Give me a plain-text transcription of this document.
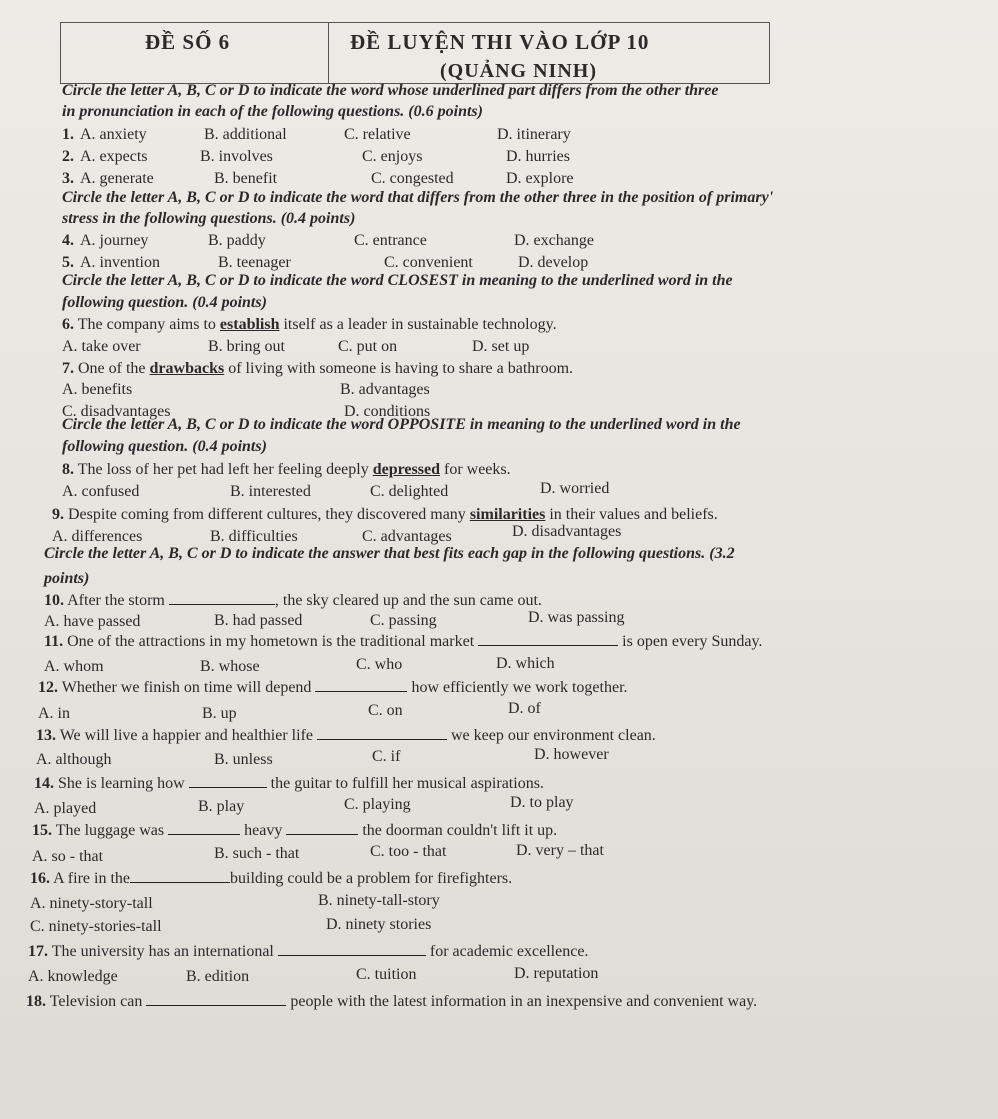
ĐỀ SỐ 6	ĐỀ LUYỆN THI VÀO LỚP 10
(QUẢNG NINH)
Circle the letter A, B, C or D to indicate the word whose underlined part differs from the other three
in pronunciation in each of the following questions. (0.6 points)
1. A. anxiety	B. additional	C. relative	D. itinerary
2. A. expects	B. involves	C. enjoys	D. hurries
3. A. generate	B. benefit	C. congested	D. explore
Circle the letter A, B, C or D to indicate the word that differs from the other three in the position of primary'
stress in the following questions. (0.4 points)
4. A. journey	B. paddy	C. entrance	D. exchange
5. A. invention	B. teenager	C. convenient	D. develop
Circle the letter A, B, C or D to indicate the word CLOSEST in meaning to the underlined word in the
following question. (0.4 points)
6. The company aims to establish itself as a leader in sustainable technology.
A. take over	B. bring out	C. put on	D. set up
7. One of the drawbacks of living with someone is having to share a bathroom.
A. benefits	B. advantages
C. disadvantages	D. conditions
Circle the letter A, B, C or D to indicate the word OPPOSITE in meaning to the underlined word in the
following question. (0.4 points)
8. The loss of her pet had left her feeling deeply depressed for weeks.
A. confused	B. interested	C. delighted	D. worried
9. Despite coming from different cultures, they discovered many similarities in their values and beliefs.
A. differences	B. difficulties	C. advantages	D. disadvantages
Circle the letter A, B, C or D to indicate the answer that best fits each gap in the following questions. (3.2
points)
10. After the storm	, the sky cleared up and the sun came out.
A. have passed	B. had passed	C. passing	D. was passing
11. One of the attractions in my hometown is the traditional market	is open every Sunday.
A. whom	B. whose	C. who	D. which
12. Whether we finish on time will depend	how efficiently we work together.
A. in	B. up	C. on	D. of
13. We will live a happier and healthier life	we keep our environment clean.
A. although	B. unless	C. if	D. however
14. She is learning how	the guitar to fulfill her musical aspirations.
A. played	B. play	C. playing	D. to play
15. The luggage was	heavy	the doorman couldn't lift it up.
A. so - that	B. such - that	C. too - that	D. very – that
16. A fire in the	building could be a problem for firefighters.
A. ninety-story-tall	B. ninety-tall-story
C. ninety-stories-tall	D. ninety stories
17. The university has an international	for academic excellence.
A. knowledge	B. edition	C. tuition	D. reputation
18. Television can	people with the latest information in an inexpensive and convenient way.
